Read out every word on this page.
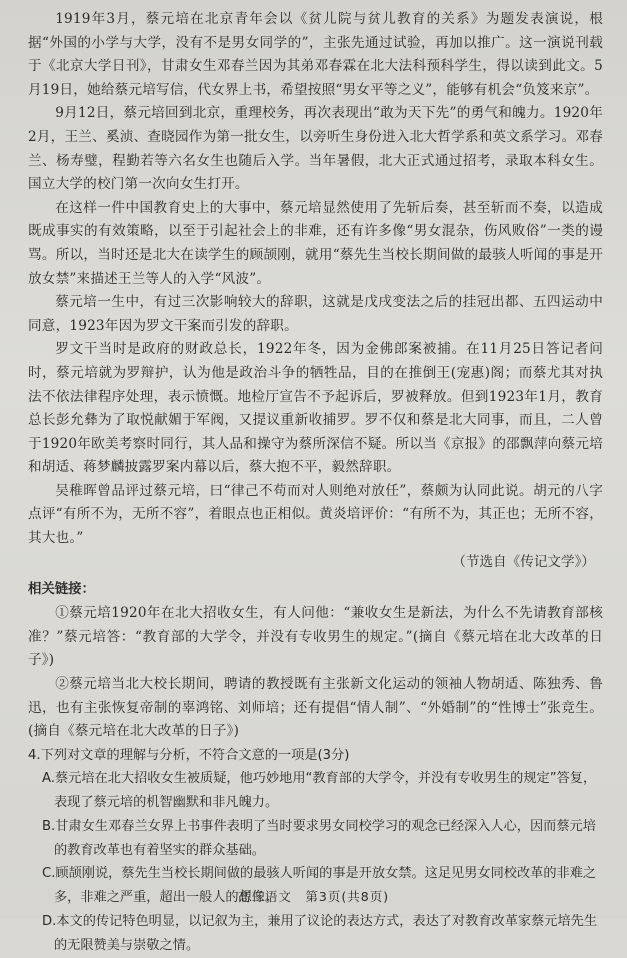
1919年3月，蔡元培在北京青年会以《贫儿院与贫儿教育的关系》为题发表演说，根据“外国的小学与大学，没有不是男女同学的”，主张先通过试验，再加以推广。这一演说刊载于《北京大学日刊》，甘肃女生邓春兰因为其弟邓春霖在北大法科预科学生，得以读到此文。5月19日，她给蔡元培写信，代女界上书，希望按照“男女平等之义”，能够有机会“负笈来京”。

9月12日，蔡元培回到北京，重理校务，再次表现出“敢为天下先”的勇气和魄力。1920年2月，王兰、奚浈、查晓园作为第一批女生，以旁听生身份进入北大哲学系和英文系学习。邓春兰、杨寿璧，程勤若等六名女生也随后入学。当年暑假，北大正式通过招考，录取本科女生。国立大学的校门第一次向女生打开。

在这样一件中国教育史上的大事中，蔡元培显然使用了先斩后奏，甚至斩而不奏，以造成既成事实的有效策略，以至于引起社会上的非难，还有许多像“男女混杂，伤风败俗”一类的谩骂。所以，当时还是北大在读学生的顾颉刚，就用“蔡先生当校长期间做的最骇人听闻的事是开放女禁”来描述王兰等人的入学“风波”。

蔡元培一生中，有过三次影响较大的辞职，这就是戊戌变法之后的挂冠出都、五四运动中同意，1923年因为罗文干案而引发的辞职。

罗文干当时是政府的财政总长，1922年冬，因为金佛郎案被捕。在11月25日答记者问时，蔡元培就为罗辩护，认为他是政治斗争的牺牲品，目的在推倒王(宠惠)阁；而蔡尤其对执法不依法律程序处理，表示愤慨。地检厅宣告不予起诉后，罗被释放。但到1923年1月，教育总长彭允彝为了取悦献媚于军阀，又提议重新收捕罗。罗不仅和蔡是北大同事，而且，二人曾于1920年欧美考察时同行，其人品和操守为蔡所深信不疑。所以当《京报》的邵飘萍向蔡元培和胡适、蒋梦麟披露罗案内幕以后，蔡大抱不平，毅然辞职。

吴稚晖曾品评过蔡元培，曰“律己不苟而对人则绝对放任”，蔡颇为认同此说。胡元的八字点评“有所不为，无所不容”，着眼点也正相似。黄炎培评价：“有所不为，其正也；无所不容，其大也。”

（节选自《传记文学》）

相关链接：

①蔡元培1920年在北大招收女生，有人问他：“兼收女生是新法，为什么不先请教育部核准？”蔡元培答：“教育部的大学令，并没有专收男生的规定。”(摘自《蔡元培在北大改革的日子》)

②蔡元培当北大校长期间，聘请的教授既有主张新文化运动的领袖人物胡适、陈独秀、鲁迅，也有主张恢复帝制的辜鸿铭、刘师培；还有提倡“情人制”、“外婚制”的“性博士”张竞生。(摘自《蔡元培在北大改革的日子》)

4.下列对文章的理解与分析，不符合文意的一项是(3分)

A.蔡元培在北大招收女生被质疑，他巧妙地用“教育部的大学令，并没有专收男生的规定”答复，表现了蔡元培的机智幽默和非凡魄力。

B.甘肃女生邓春兰女界上书事件表明了当时要求男女同校学习的观念已经深入人心，因而蔡元培的教育改革也有着坚实的群众基础。

C.顾颉刚说，蔡先生当校长期间做的最骇人听闻的事是开放女禁。这足见男女同校改革的非难之多，非难之严重，超出一般人的想像。

D.本文的传记特色明显，以记叙为主，兼用了议论的表达方式，表达了对教育改革家蔡元培先生的无限赞美与崇敬之情。

高三语文　第3页(共8页)
